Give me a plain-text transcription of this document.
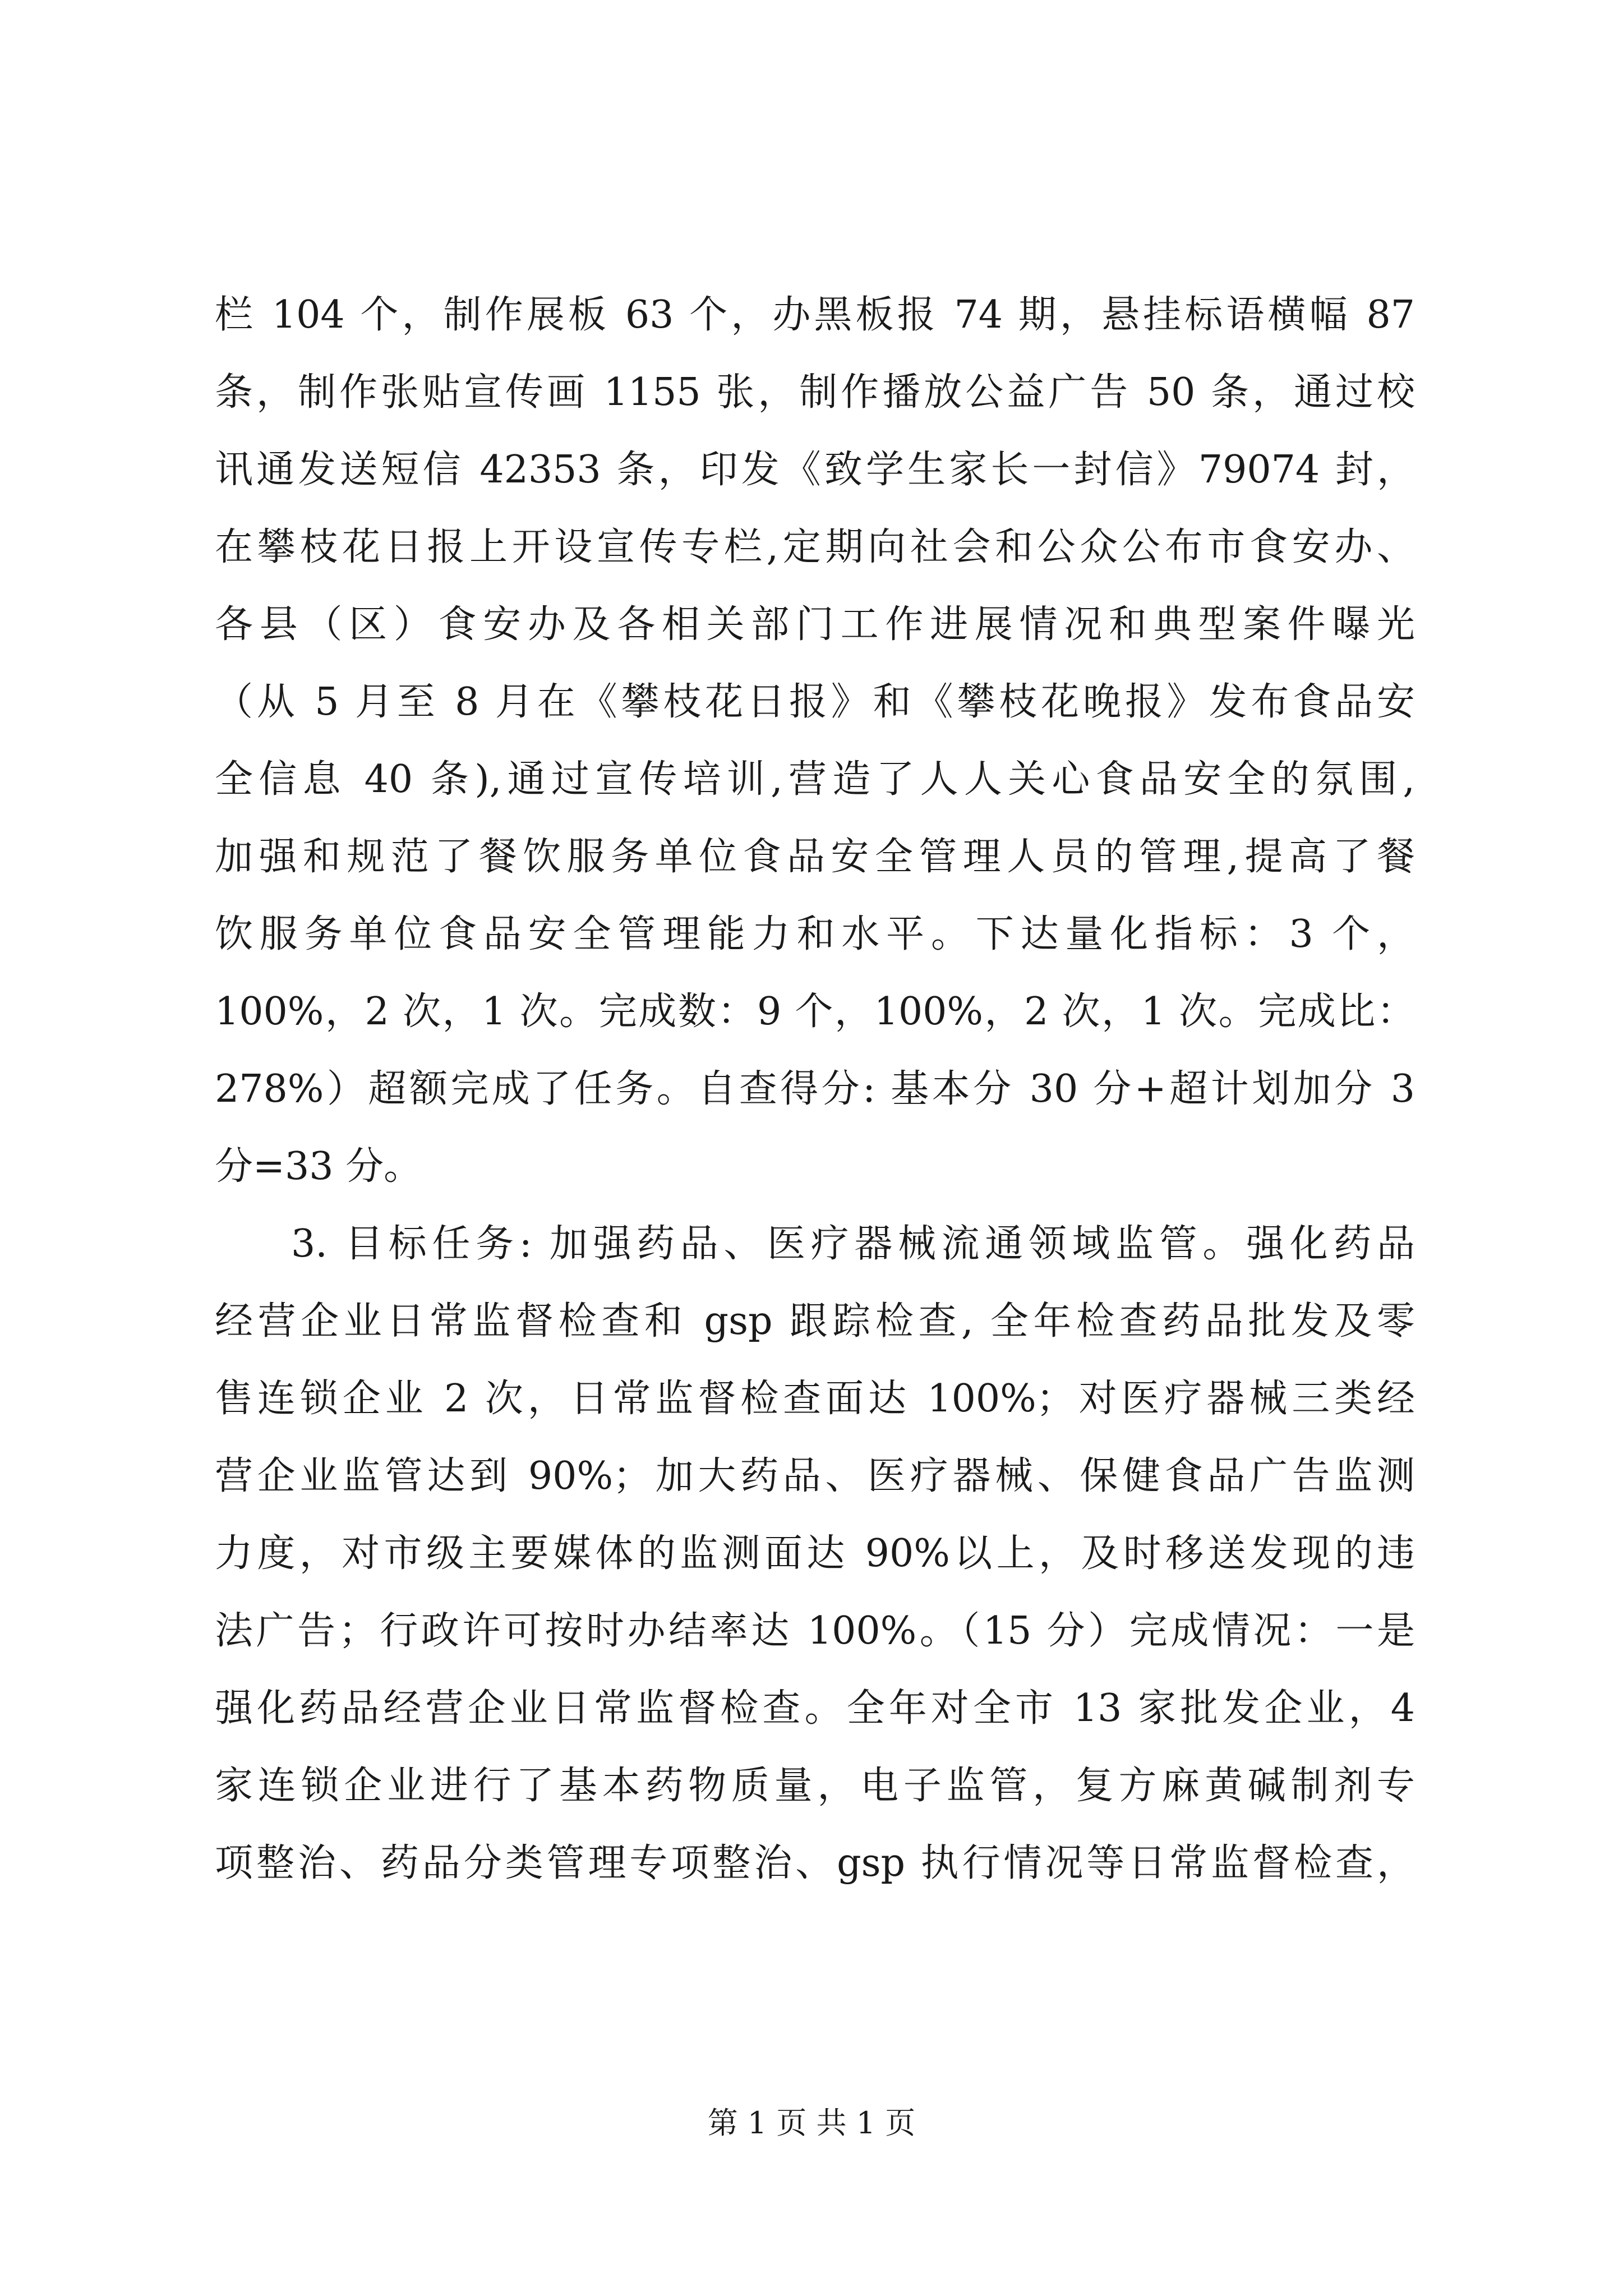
栏 104 个，制作展板 63 个，办黑板报 74 期，悬挂标语横幅 87
条，制作张贴宣传画 1155 张，制作播放公益广告 50 条，通过校
讯通发送短信 42353 条，印发《致学生家长一封信》79074 封，
在攀枝花日报上开设宣传专栏,定期向社会和公众公布市食安办、
各县（区）食安办及各相关部门工作进展情况和典型案件曝光
（从 5 月至 8 月在《攀枝花日报》和《攀枝花晚报》发布食品安
全信息 40 条),通过宣传培训,营造了人人关心食品安全的氛围,
加强和规范了餐饮服务单位食品安全管理人员的管理,提高了餐
饮服务单位食品安全管理能力和水平。下达量化指标：3 个，
100%，2 次，1 次。完成数：9 个，100%，2 次，1 次。完成比：
278%）超额完成了任务。自查得分: 基本分 30 分+超计划加分 3
分=33 分。
3. 目标任务: 加强药品、医疗器械流通领域监管。强化药品
经营企业日常监督检查和 gsp 跟踪检查, 全年检查药品批发及零
售连锁企业 2 次，日常监督检查面达 100%；对医疗器械三类经
营企业监管达到 90%；加大药品、医疗器械、保健食品广告监测
力度，对市级主要媒体的监测面达 90%以上，及时移送发现的违
法广告；行政许可按时办结率达 100%。（15 分）完成情况：一是
强化药品经营企业日常监督检查。全年对全市 13 家批发企业，4
家连锁企业进行了基本药物质量，电子监管，复方麻黄碱制剂专
项整治、药品分类管理专项整治、gsp 执行情况等日常监督检查，
第 1 页 共 1 页
